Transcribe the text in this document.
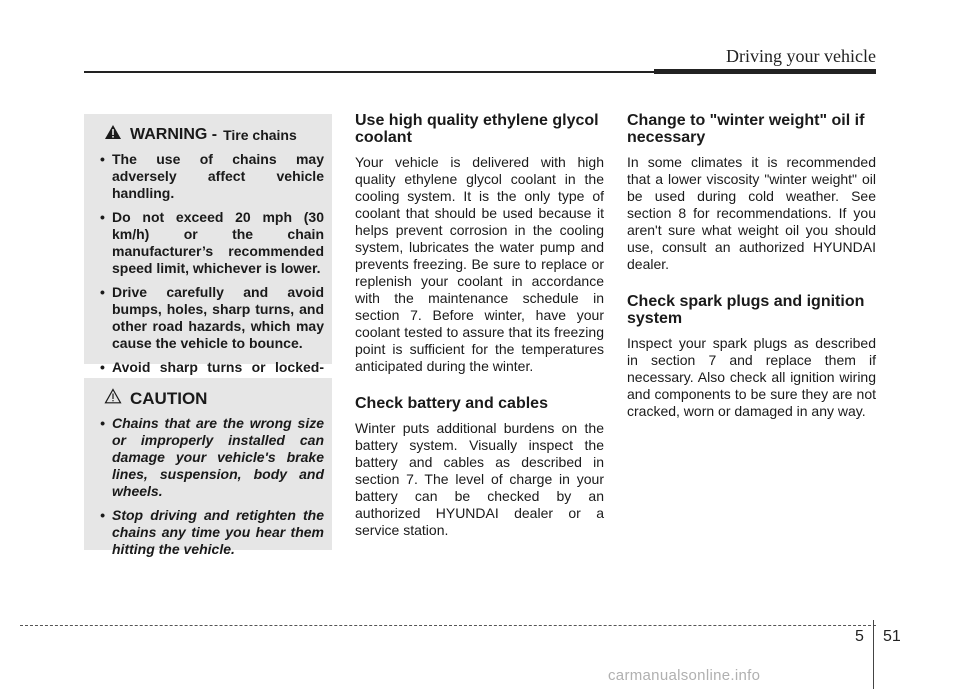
Driving your vehicle
WARNING - Tire chains
• The use of chains may adversely affect vehicle handling.
• Do not exceed 20 mph (30 km/h) or the chain manufacturer’s recommended speed limit, whichever is lower.
• Drive carefully and avoid bumps, holes, sharp turns, and other road hazards, which may cause the vehicle to bounce.
• Avoid sharp turns or locked-
CAUTION
• Chains that are the wrong size or improperly installed can damage your vehicle's brake lines, suspension, body and wheels.
• Stop driving and retighten the chains any time you hear them hitting the vehicle.
Use high quality ethylene glycol coolant

Your vehicle is delivered with high quality ethylene glycol coolant in the cooling system. It is the only type of coolant that should be used because it helps prevent corrosion in the cooling system, lubricates the water pump and prevents freezing. Be sure to replace or replenish your coolant in accordance with the maintenance schedule in section 7. Before winter, have your coolant tested to assure that its freezing point is sufficient for the temperatures anticipated during the winter.

Check battery and cables

Winter puts additional burdens on the battery system. Visually inspect the battery and cables as described in section 7. The level of charge in your battery can be checked by an authorized HYUNDAI dealer or a service station.

Change to "winter weight" oil if necessary

In some climates it is recommended that a lower viscosity "winter weight" oil be used during cold weather. See section 8 for recommendations. If you aren't sure what weight oil you should use, consult an authorized HYUNDAI dealer.

Check spark plugs and ignition system

Inspect your spark plugs as described in section 7 and replace them if necessary. Also check all ignition wiring and components to be sure they are not cracked, worn or damaged in any way.

5 51
carmanualsonline.info
